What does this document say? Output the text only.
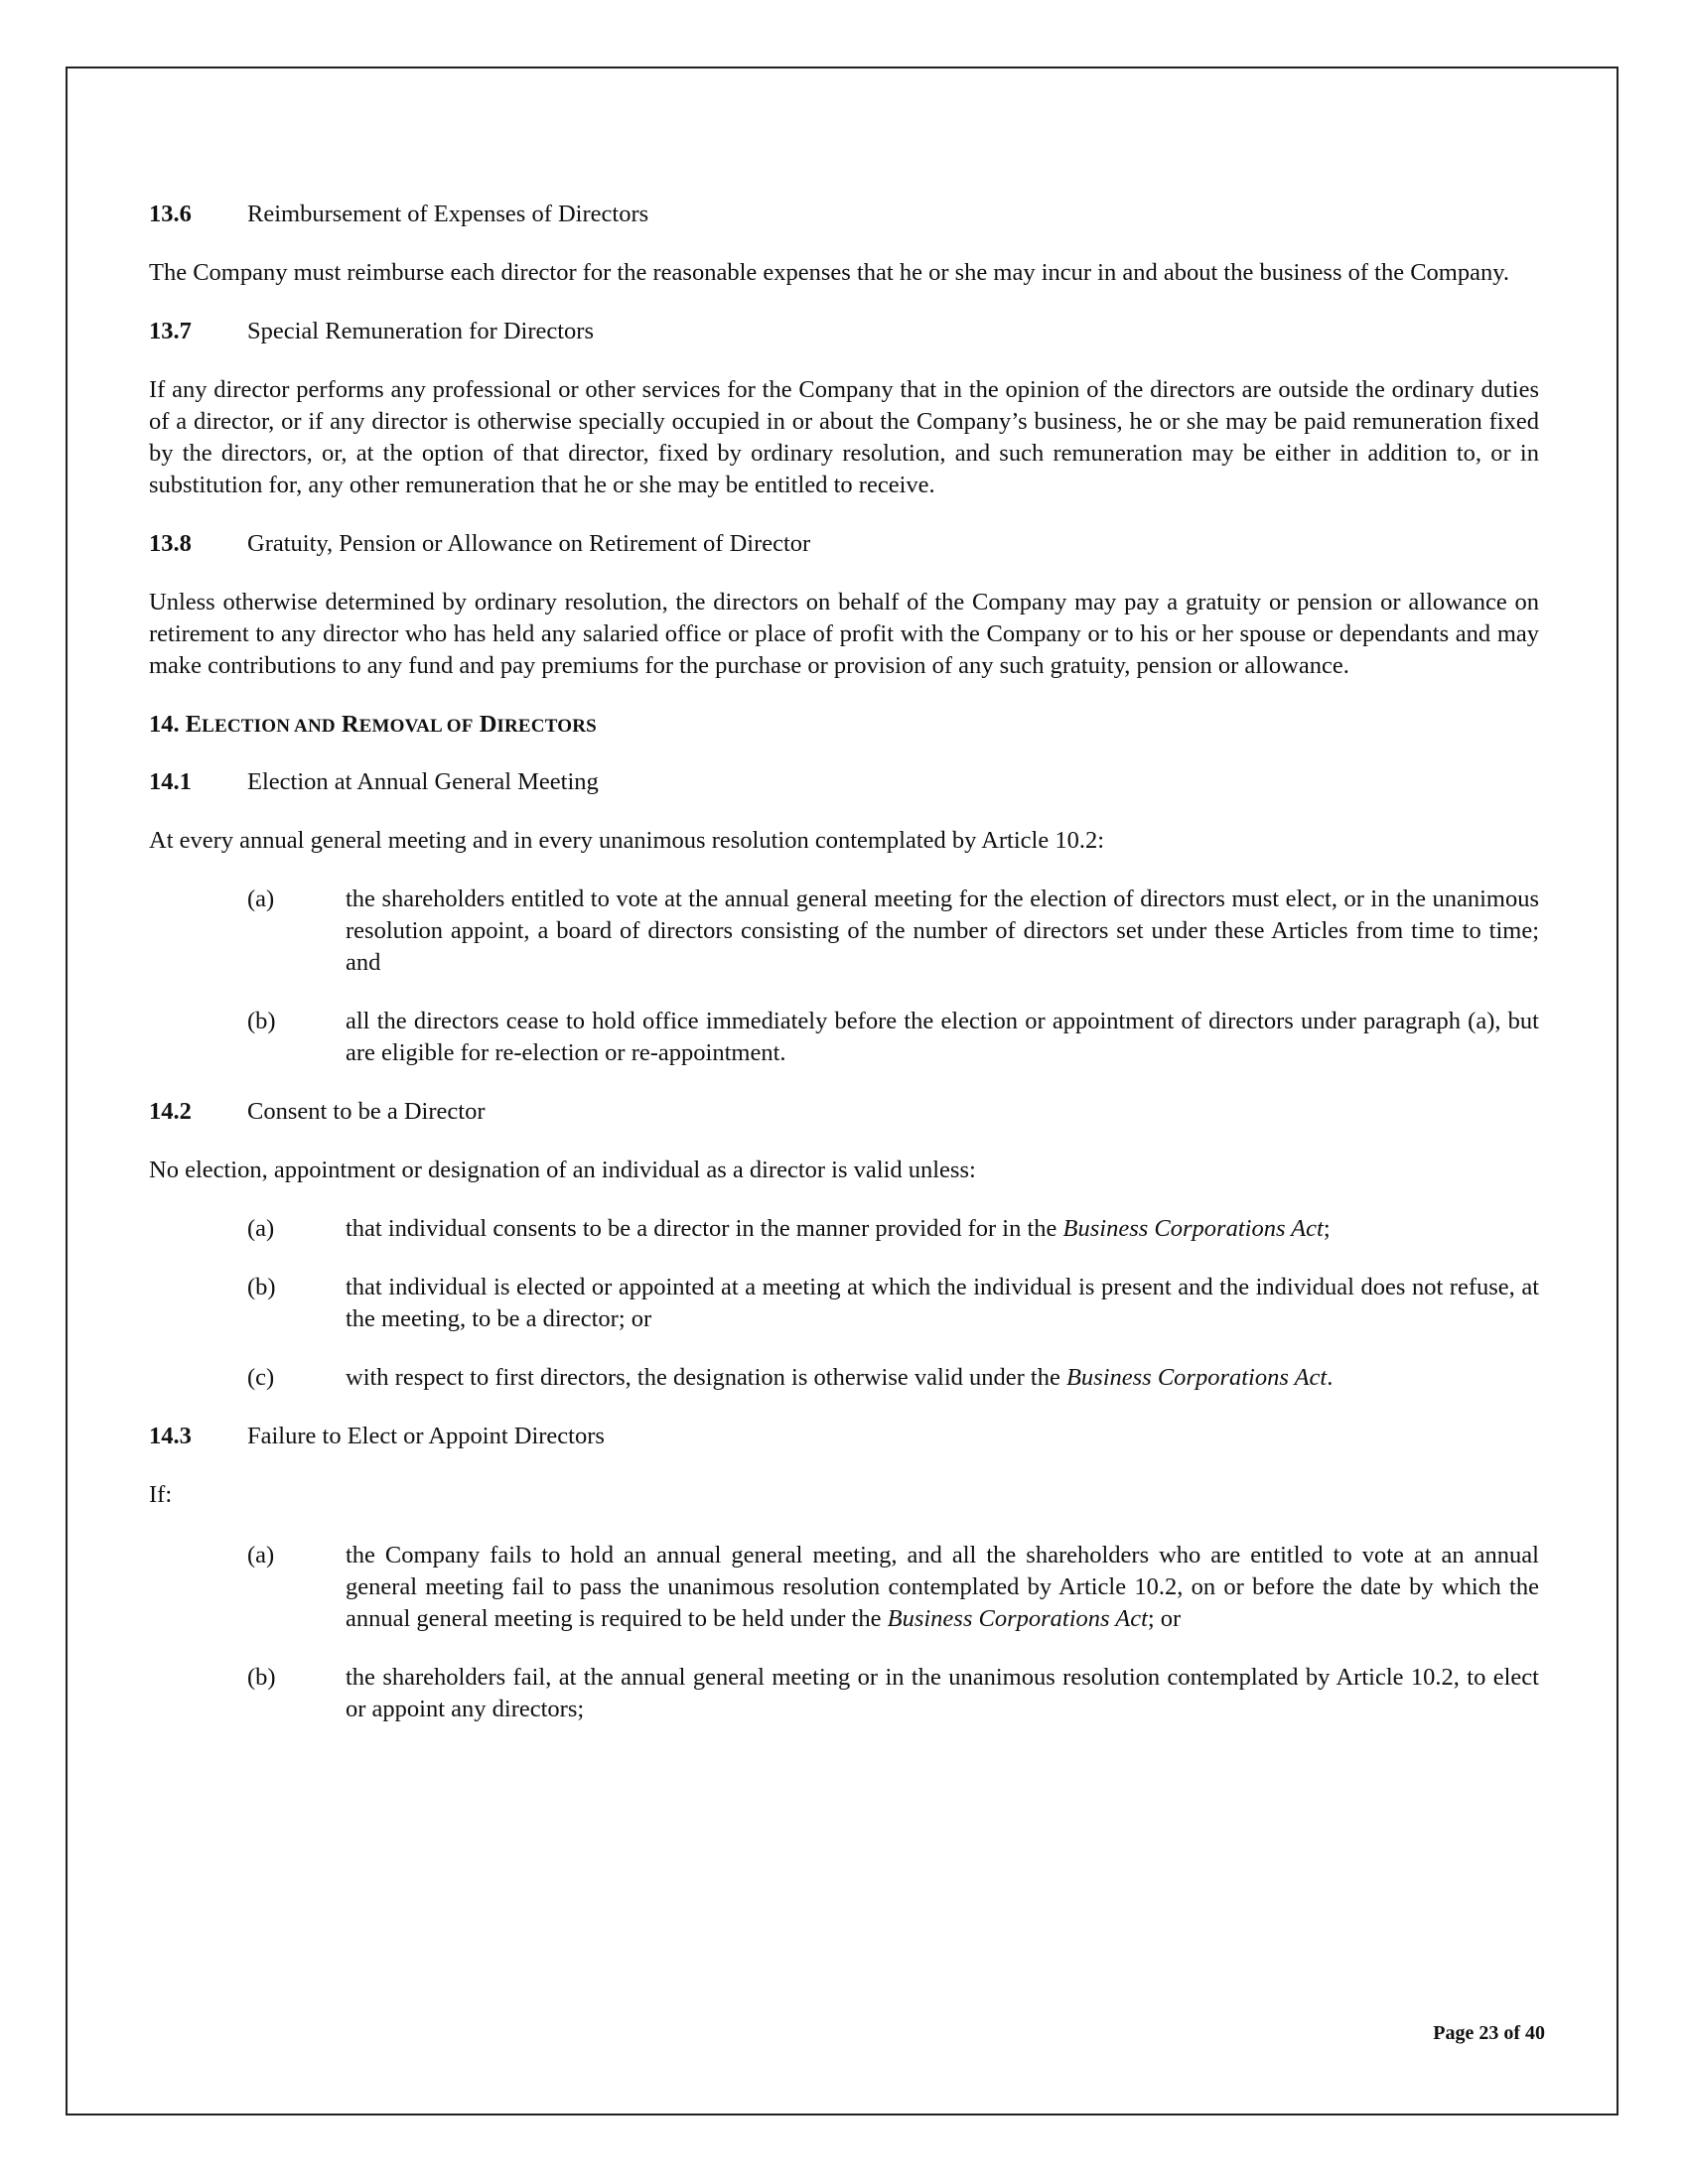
13.6	Reimbursement of Expenses of Directors

The Company must reimburse each director for the reasonable expenses that he or she may incur in and about the business of the Company.

13.7	Special Remuneration for Directors

If any director performs any professional or other services for the Company that in the opinion of the directors are outside the ordinary duties of a director, or if any director is otherwise specially occupied in or about the Company’s business, he or she may be paid remuneration fixed by the directors, or, at the option of that director, fixed by ordinary resolution, and such remuneration may be either in addition to, or in substitution for, any other remuneration that he or she may be entitled to receive.

13.8	Gratuity, Pension or Allowance on Retirement of Director

Unless otherwise determined by ordinary resolution, the directors on behalf of the Company may pay a gratuity or pension or allowance on retirement to any director who has held any salaried office or place of profit with the Company or to his or her spouse or dependants and may make contributions to any fund and pay premiums for the purchase or provision of any such gratuity, pension or allowance.

14. ELECTION AND REMOVAL OF DIRECTORS
14.1	Election at Annual General Meeting

At every annual general meeting and in every unanimous resolution contemplated by Article 10.2:

(a)	the shareholders entitled to vote at the annual general meeting for the election of directors must elect, or in the unanimous resolution appoint, a board of directors consisting of the number of directors set under these Articles from time to time; and
(b)	all the directors cease to hold office immediately before the election or appointment of directors under paragraph (a), but are eligible for re-election or re-appointment.
14.2	Consent to be a Director

No election, appointment or designation of an individual as a director is valid unless:

(a)	that individual consents to be a director in the manner provided for in the Business Corporations Act;
(b)	that individual is elected or appointed at a meeting at which the individual is present and the individual does not refuse, at the meeting, to be a director; or
(c)	with respect to first directors, the designation is otherwise valid under the Business Corporations Act.
14.3	Failure to Elect or Appoint Directors

If:

(a)	the Company fails to hold an annual general meeting, and all the shareholders who are entitled to vote at an annual general meeting fail to pass the unanimous resolution contemplated by Article 10.2, on or before the date by which the annual general meeting is required to be held under the Business Corporations Act; or
(b)	the shareholders fail, at the annual general meeting or in the unanimous resolution contemplated by Article 10.2, to elect or appoint any directors;
Page 23 of 40
